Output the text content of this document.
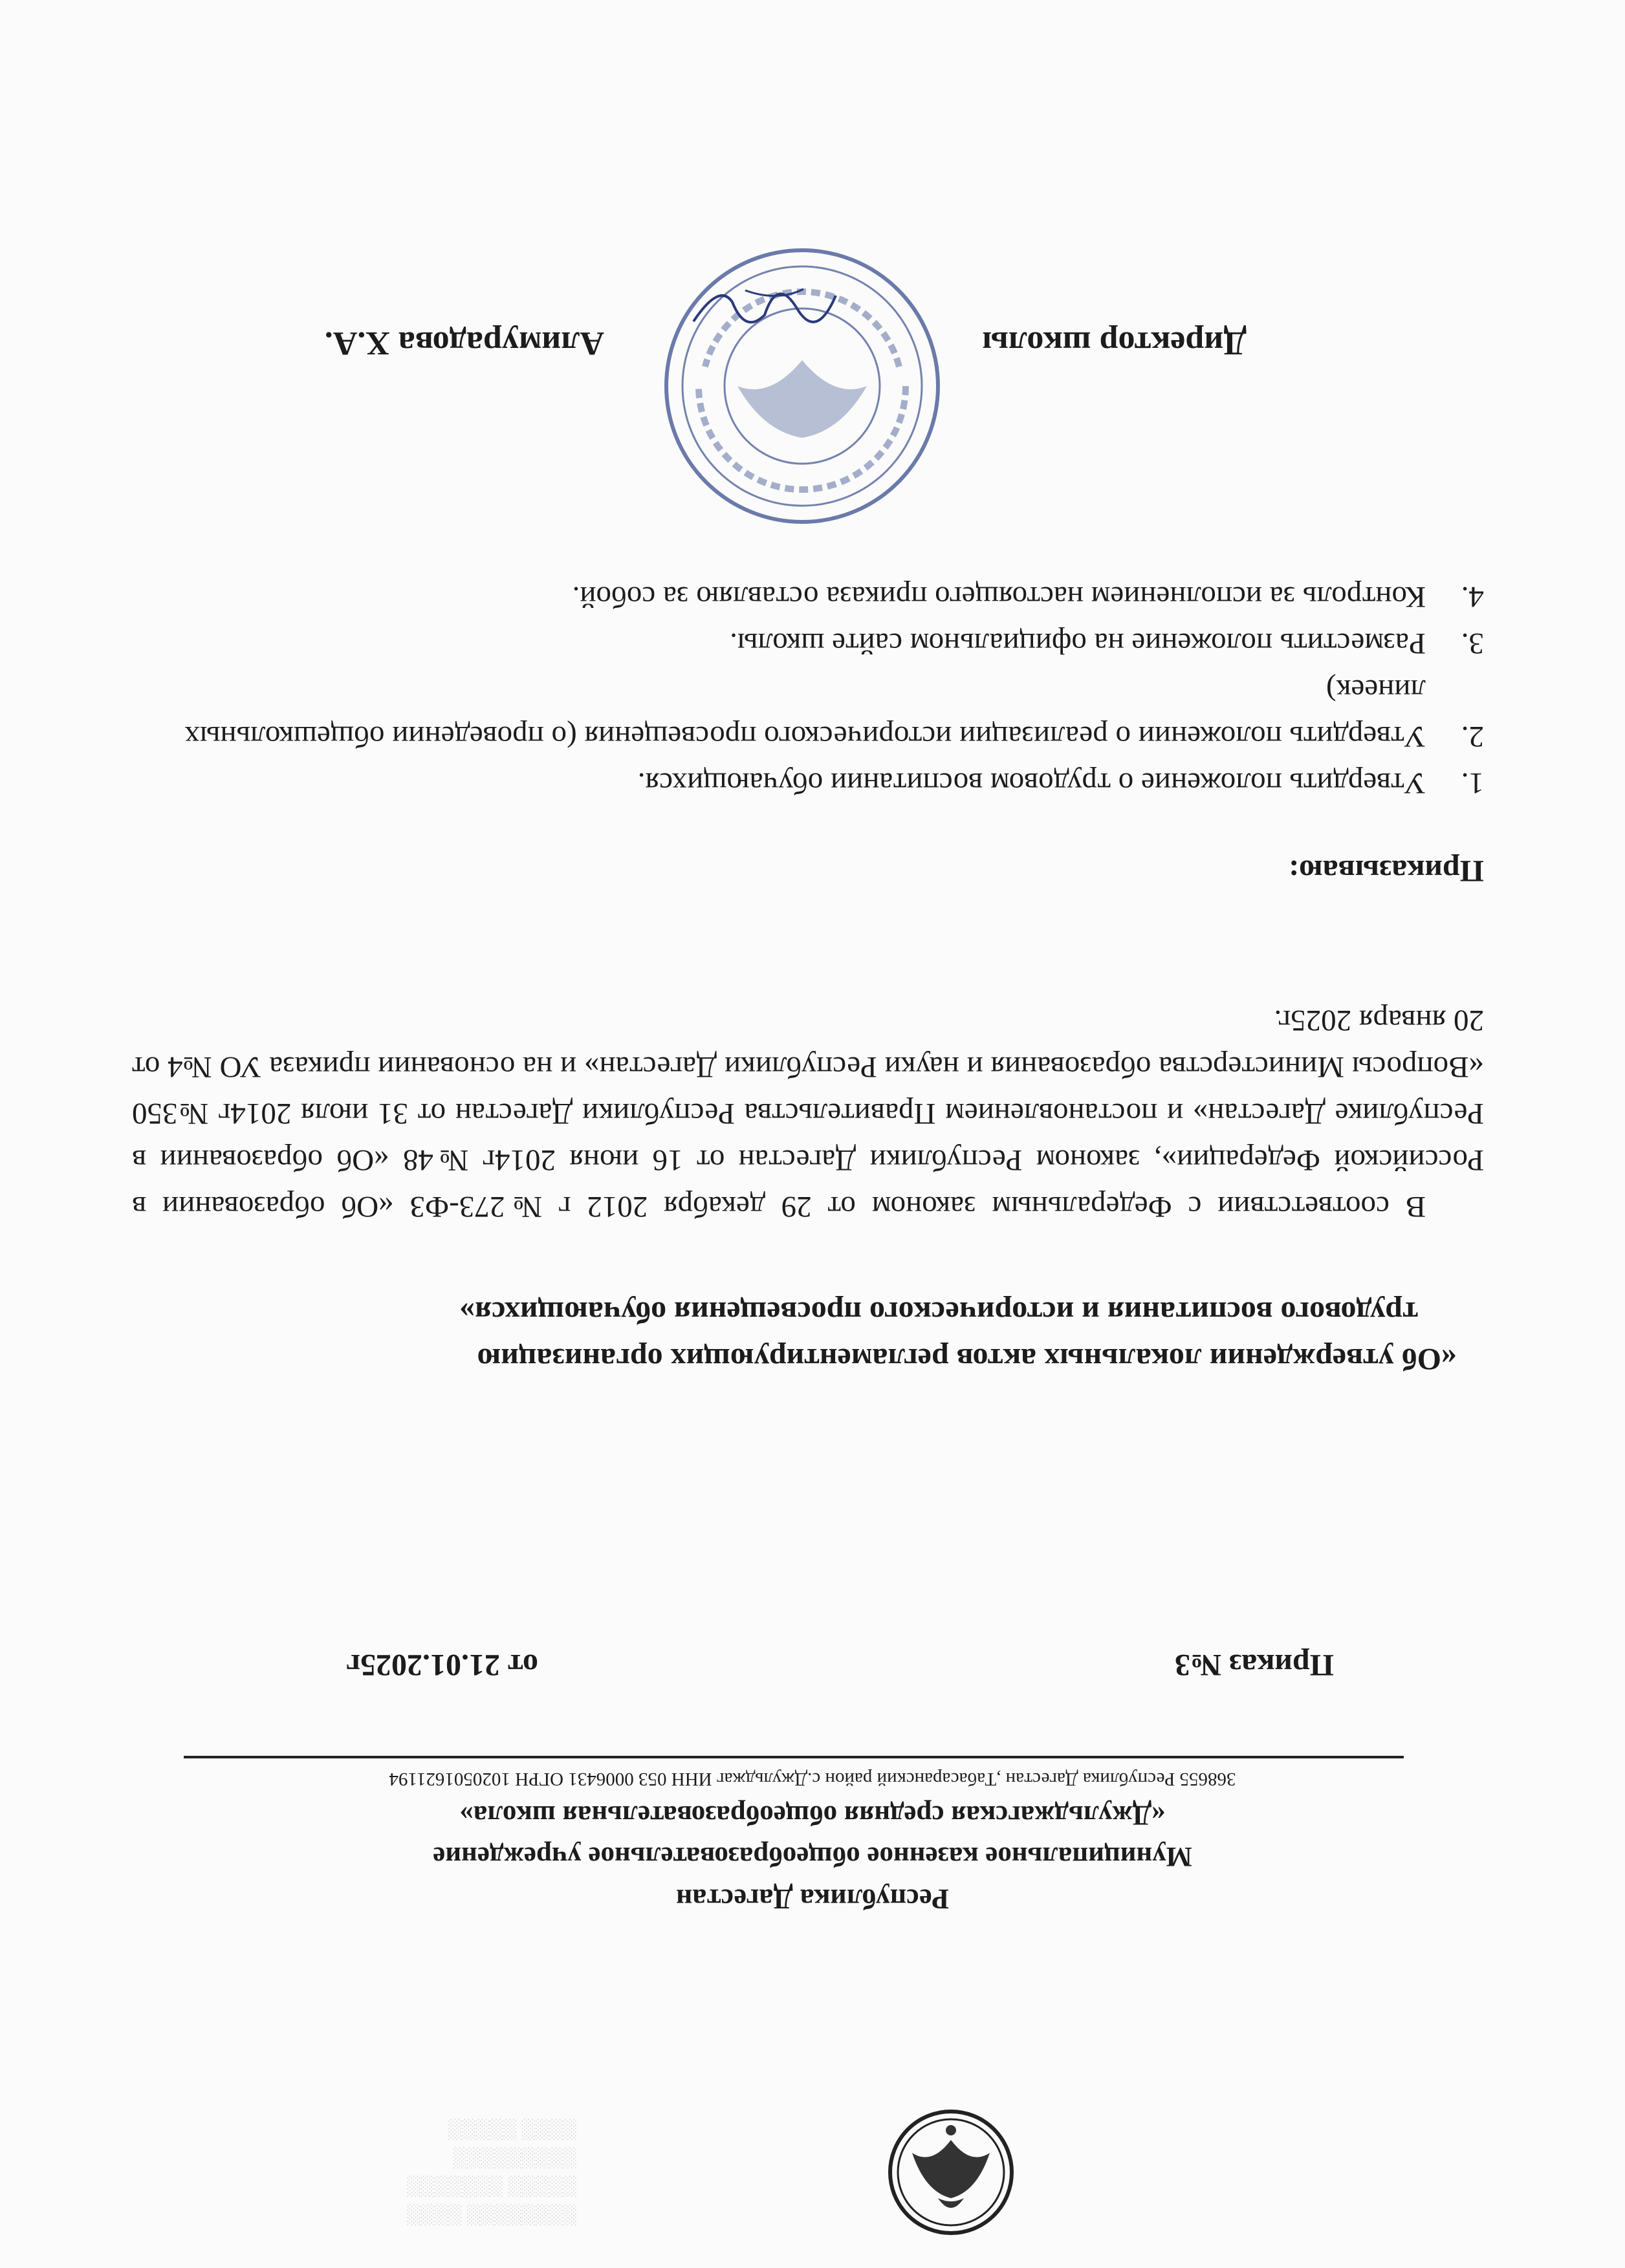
░░░░░░░░ ░░░░
░░░░░ ░░░░░░░
░░░░░░░░░
░░░░ ░░░░░
Республика Дагестан
Муниципальное казенное общеобразовательное учреждение
«Джульджагская средняя общеобразовательная школа»
368655 Республика Дагестан ,Табасаранский район с.Джульджаг ИНН 053 0006431 ОГРН 1020501621194
Приказ №3
от 21.01.2025г
«Об утверждении локальных актов регламентирующих организацию
трудового воспитания и исторического просвещения обучающихся»
В соответствии с Федеральным законом от 29 декабря 2012 г №273-ФЗ «Об образовании в Российской Федерации», законом Республики Дагестан от 16 июня 2014г №48 «Об образовании в Республике Дагестан» и постановлением Правительства Республики Дагестан от 31 июля 2014г №350 «Вопросы Министерства образования и науки Республики Дагестан» и на основании приказа УО №4 от 20 января 2025г.
Приказываю:
1.
Утвердить положение о трудовом воспитании обучающихся.
2.
Утвердить положении о реализации исторического просвещения (о проведении общешкольных линеек)
3.
Разместить положение на официальном сайте школы.
4.
Контроль за исполнением настоящего приказа оставляю за собой.
Директор школы
Алимурадова Х.А.
